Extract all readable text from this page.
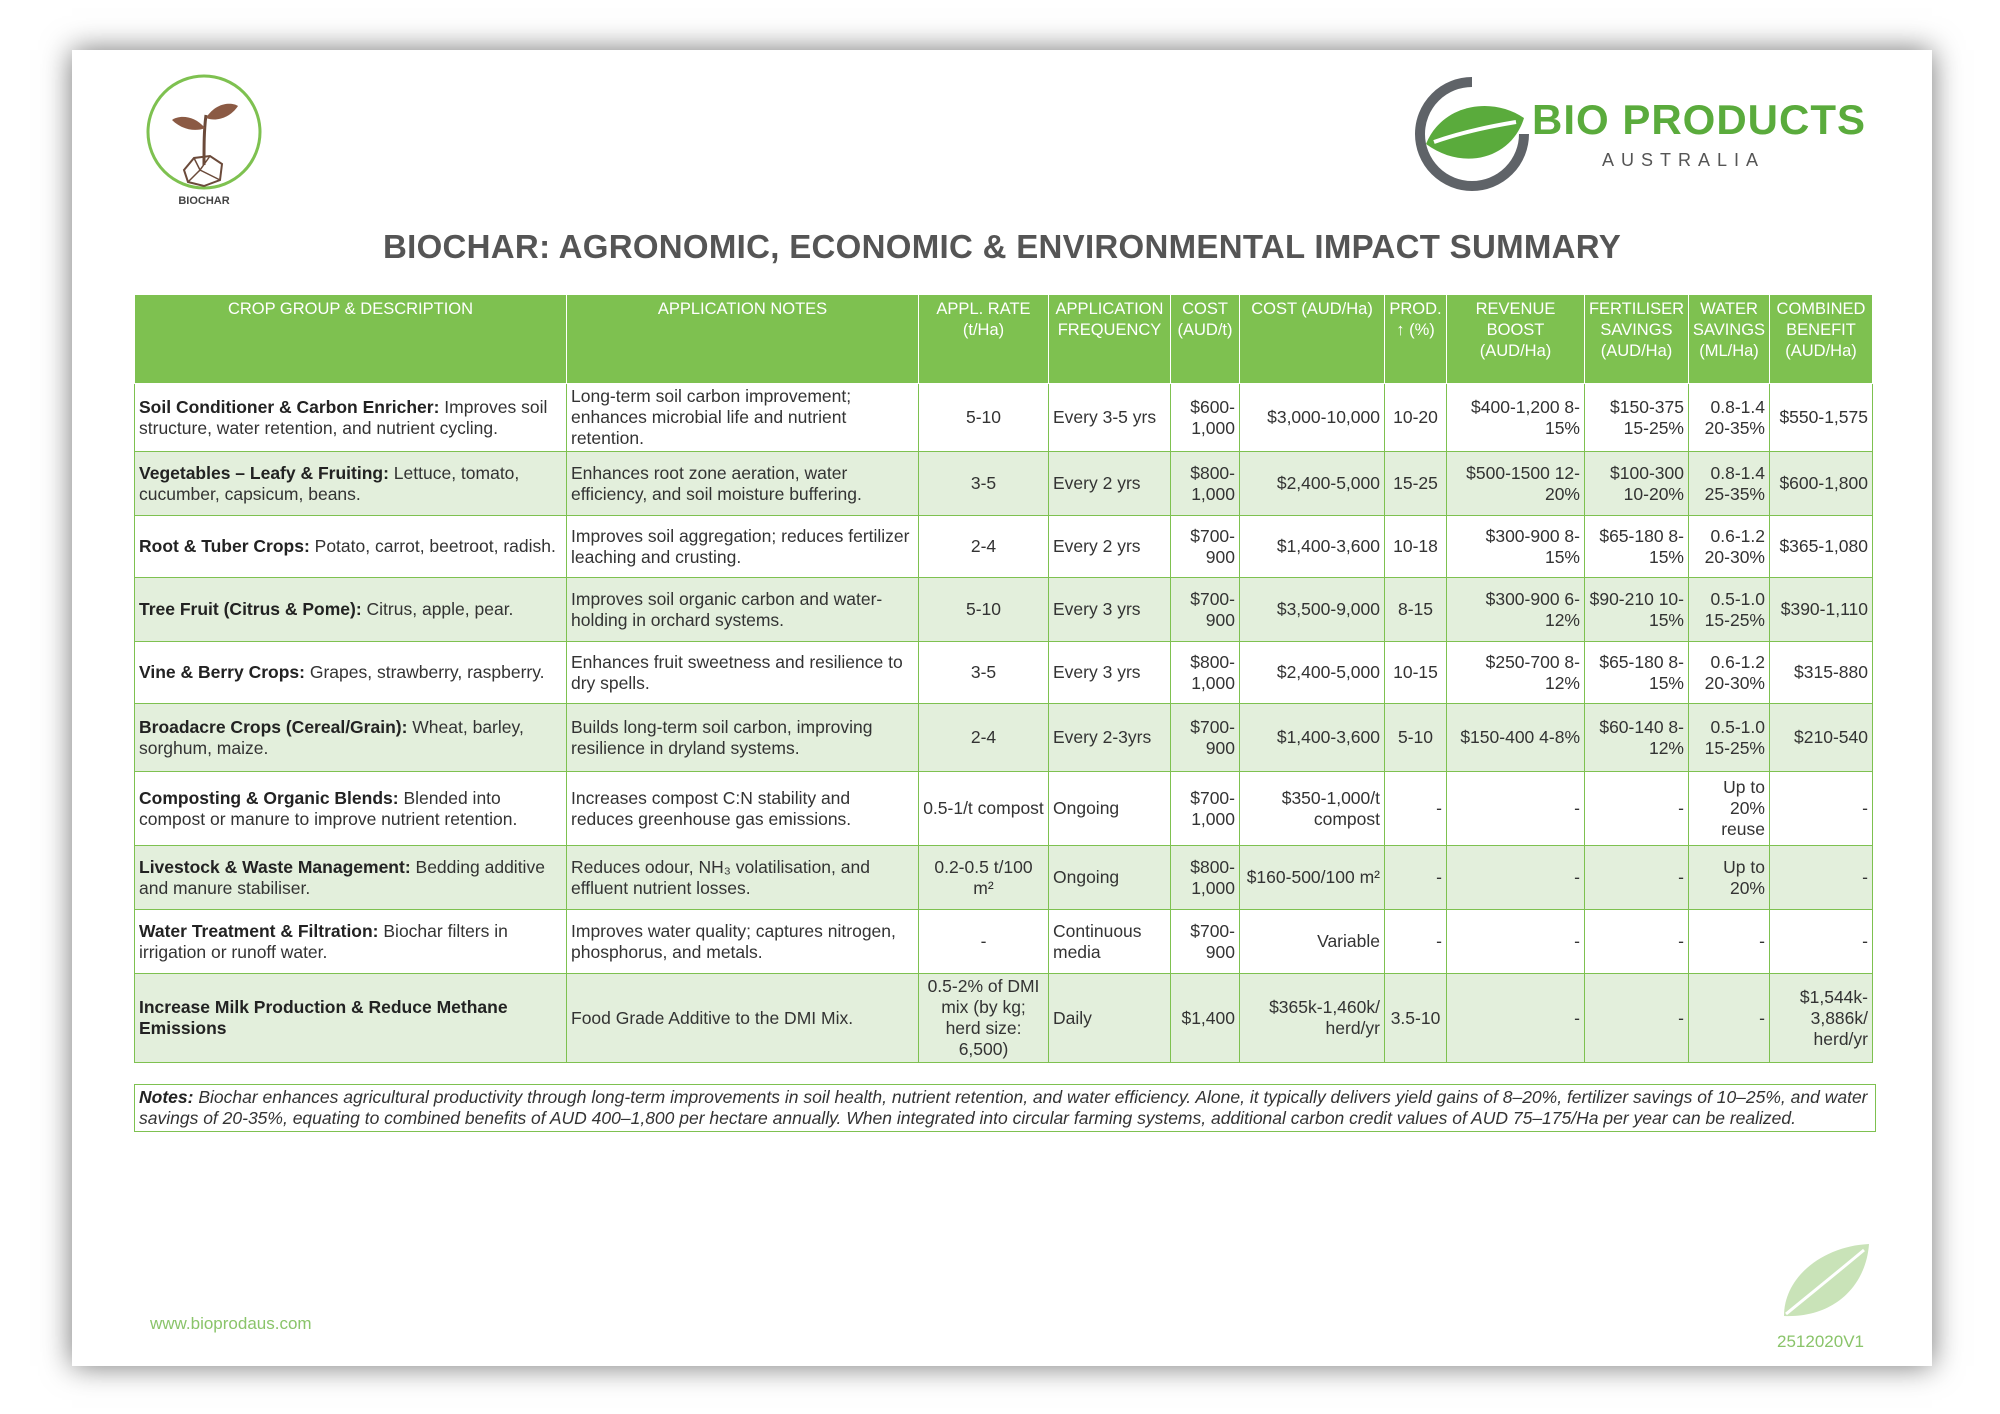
BIOCHAR
BIO PRODUCTS
AUSTRALIA
BIOCHAR: AGRONOMIC, ECONOMIC & ENVIRONMENTAL IMPACT SUMMARY
CROP GROUP & DESCRIPTION	APPLICATION NOTES	APPL. RATE (t/Ha)	APPLICATION FREQUENCY	COST (AUD/t)	COST (AUD/Ha)	PROD. ↑ (%)	REVENUE BOOST (AUD/Ha)	FERTILISER SAVINGS (AUD/Ha)	WATER SAVINGS (ML/Ha)	COMBINED BENEFIT (AUD/Ha)
Soil Conditioner & Carbon Enricher: Improves soil structure, water retention, and nutrient cycling.	Long-term soil carbon improvement; enhances microbial life and nutrient retention.	5-10	Every 3-5 yrs	$600-1,000	$3,000-10,000	10-20	$400-1,200 8-15%	$150-375 15-25%	0.8-1.4 20-35%	$550-1,575
Vegetables – Leafy & Fruiting: Lettuce, tomato, cucumber, capsicum, beans.	Enhances root zone aeration, water efficiency, and soil moisture buffering.	3-5	Every 2 yrs	$800-1,000	$2,400-5,000	15-25	$500-1500 12-20%	$100-300 10-20%	0.8-1.4 25-35%	$600-1,800
Root & Tuber Crops: Potato, carrot, beetroot, radish.	Improves soil aggregation; reduces fertilizer leaching and crusting.	2-4	Every 2 yrs	$700-900	$1,400-3,600	10-18	$300-900 8-15%	$65-180 8-15%	0.6-1.2 20-30%	$365-1,080
Tree Fruit (Citrus & Pome): Citrus, apple, pear.	Improves soil organic carbon and water-holding in orchard systems.	5-10	Every 3 yrs	$700-900	$3,500-9,000	8-15	$300-900 6-12%	$90-210 10-15%	0.5-1.0 15-25%	$390-1,110
Vine & Berry Crops: Grapes, strawberry, raspberry.	Enhances fruit sweetness and resilience to dry spells.	3-5	Every 3 yrs	$800-1,000	$2,400-5,000	10-15	$250-700 8-12%	$65-180 8-15%	0.6-1.2 20-30%	$315-880
Broadacre Crops (Cereal/Grain): Wheat, barley, sorghum, maize.	Builds long-term soil carbon, improving resilience in dryland systems.	2-4	Every 2-3yrs	$700-900	$1,400-3,600	5-10	$150-400 4-8%	$60-140 8-12%	0.5-1.0 15-25%	$210-540
Composting & Organic Blends: Blended into compost or manure to improve nutrient retention.	Increases compost C:N stability and reduces greenhouse gas emissions.	0.5-1/t compost	Ongoing	$700-1,000	$350-1,000/t compost	-	-	-	Up to 20% reuse	-
Livestock & Waste Management: Bedding additive and manure stabiliser.	Reduces odour, NH₃ volatilisation, and effluent nutrient losses.	0.2-0.5 t/100 m²	Ongoing	$800-1,000	$160-500/100 m²	-	-	-	Up to 20%	-
Water Treatment & Filtration: Biochar filters in irrigation or runoff water.	Improves water quality; captures nitrogen, phosphorus, and metals.	-	Continuous media	$700-900	Variable	-	-	-	-	-
Increase Milk Production & Reduce Methane Emissions	Food Grade Additive to the DMI Mix.	0.5-2% of DMI mix (by kg; herd size: 6,500)	Daily	$1,400	$365k-1,460k/ herd/yr	3.5-10	-	-	-	$1,544k-3,886k/ herd/yr
Notes: Biochar enhances agricultural productivity through long-term improvements in soil health, nutrient retention, and water efficiency. Alone, it typically delivers yield gains of 8–20%, fertilizer savings of 10–25%, and water savings of 20-35%, equating to combined benefits of AUD 400–1,800 per hectare annually. When integrated into circular farming systems, additional carbon credit values of AUD 75–175/Ha per year can be realized.
www.bioprodaus.com
2512020V1
